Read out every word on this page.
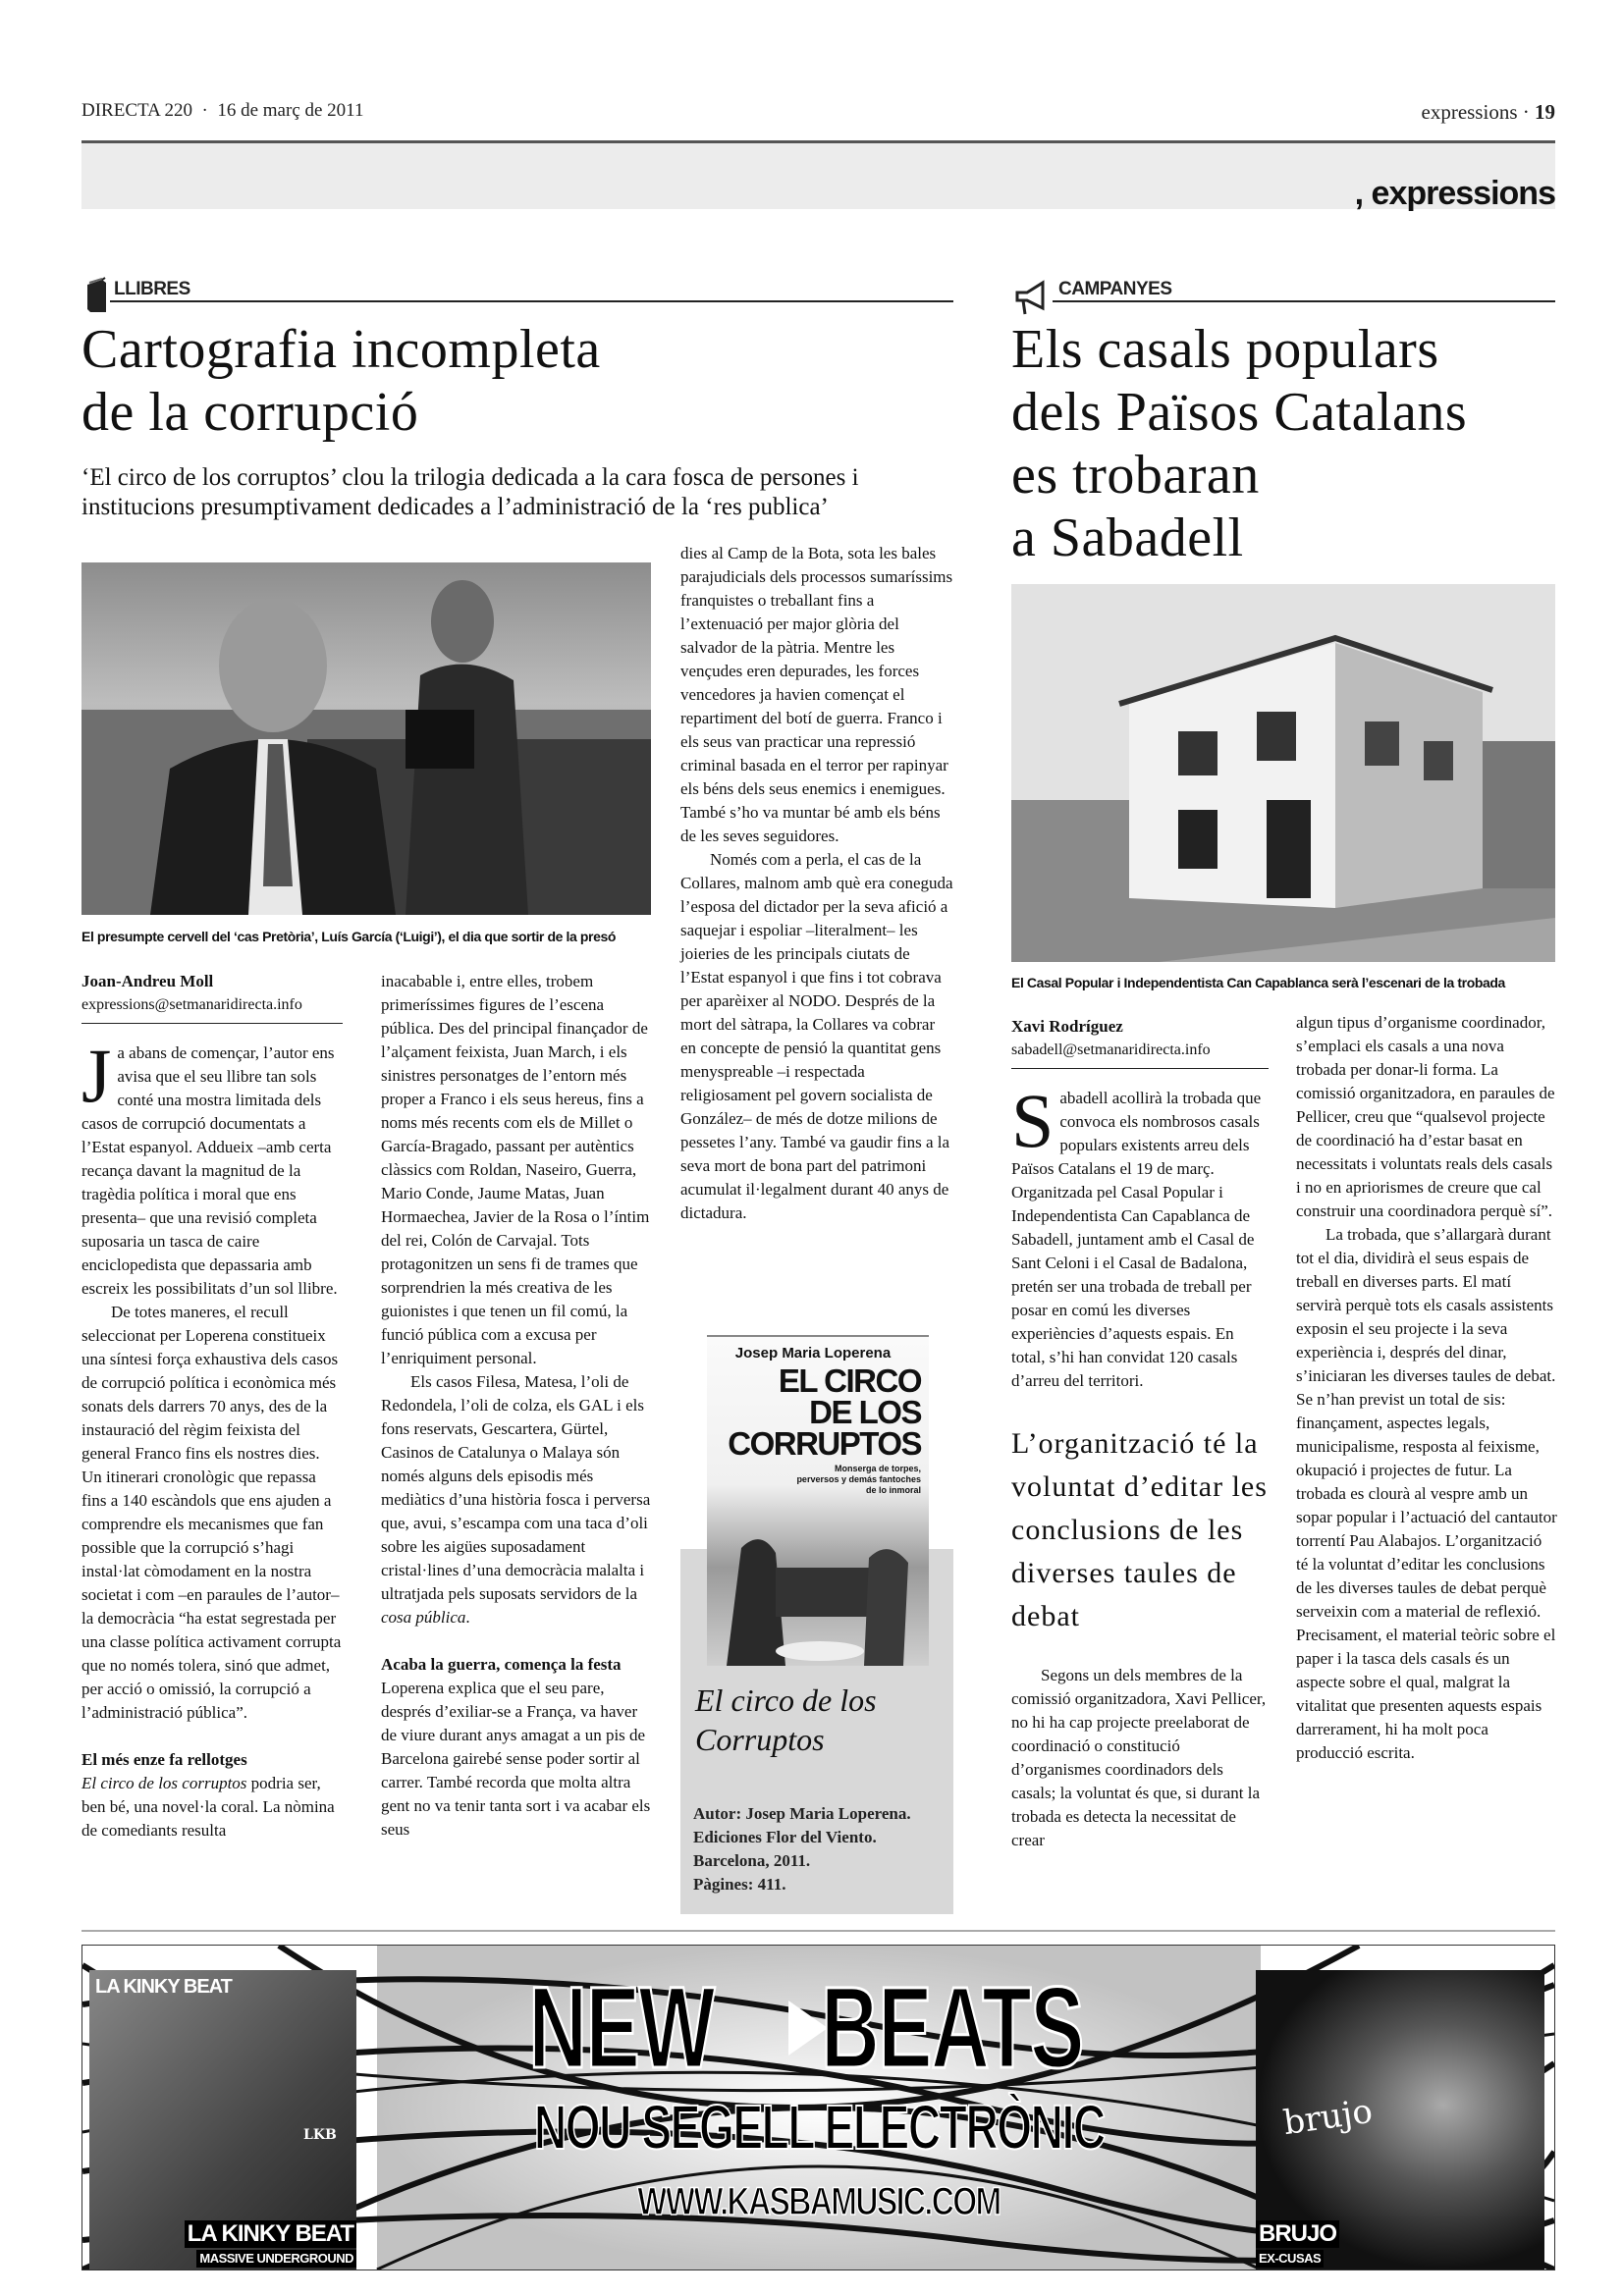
DIRECTA 220 · 16 de març de 2011	expressions · 19
, expressions
LLIBRES
Cartografia incompleta
de la corrupció
‘El circo de los corruptos’ clou la trilogia dedicada a la cara fosca de persones i institucions presumptivament dedicades a l’administració de la ‘res publica’
El presumpte cervell del ‘cas Pretòria’, Luís García (‘Luigi’), el dia que sortir de la presó
Joan-Andreu Moll
expressions@setmanaridirecta.info

Ja abans de començar, l’autor ens avisa que el seu llibre tan sols conté una mostra limitada dels casos de corrupció documentats a l’Estat espanyol. Addueix –amb certa recança davant la magnitud de la tragèdia política i moral que ens presenta– que una revisió completa suposaria un tasca de caire enciclopedista que depassaria amb escreix les possibilitats d’un sol llibre.

De totes maneres, el recull seleccionat per Loperena constitueix una síntesi força exhaustiva dels casos de corrupció política i econòmica més sonats dels darrers 70 anys, des de la instauració del règim feixista del general Franco fins els nostres dies. Un itinerari cronològic que repassa fins a 140 escàndols que ens ajuden a comprendre els mecanismes que fan possible que la corrupció s’hagi instal·lat còmodament en la nostra societat i com –en paraules de l’autor– la democràcia “ha estat segrestada per una classe política activament corrupta que no només tolera, sinó que admet, per acció o omissió, la corrupció a l’administració pública”.

El més enze fa rellotges

El circo de los corruptos podria ser, ben bé, una novel·la coral. La nòmina de comediants resulta

inacabable i, entre elles, trobem primeríssimes figures de l’escena pública. Des del principal finançador de l’alçament feixista, Juan March, i els sinistres personatges de l’entorn més proper a Franco i els seus hereus, fins a noms més recents com els de Millet o García-Bragado, passant per autèntics clàssics com Roldan, Naseiro, Guerra, Mario Conde, Jaume Matas, Juan Hormaechea, Javier de la Rosa o l’íntim del rei, Colón de Carvajal. Tots protagonitzen un sens fi de trames que sorprendrien la més creativa de les guionistes i que tenen un fil comú, la funció pública com a excusa per l’enriquiment personal.

Els casos Filesa, Matesa, l’oli de Redondela, l’oli de colza, els GAL i els fons reservats, Gescartera, Gürtel, Casinos de Catalunya o Malaya són només alguns dels episodis més mediàtics d’una història fosca i perversa que, avui, s’escampa com una taca d’oli sobre les aigües suposadament cristal·lines d’una democràcia malalta i ultratjada pels suposats servidors de la cosa pública.

Acaba la guerra, comença la festa

Loperena explica que el seu pare, després d’exiliar-se a França, va haver de viure durant anys amagat a un pis de Barcelona gairebé sense poder sortir al carrer. També recorda que molta altra gent no va tenir tanta sort i va acabar els seus

dies al Camp de la Bota, sota les bales parajudicials dels processos sumaríssims franquistes o treballant fins a l’extenuació per major glòria del salvador de la pàtria. Mentre les vençudes eren depurades, les forces vencedores ja havien començat el repartiment del botí de guerra. Franco i els seus van practicar una repressió criminal basada en el terror per rapinyar els béns dels seus enemics i enemigues. També s’ho va muntar bé amb els béns de les seves seguidores.

Només com a perla, el cas de la Collares, malnom amb què era coneguda l’esposa del dictador per la seva afició a saquejar i espoliar –literalment– les joieries de les principals ciutats de l’Estat espanyol i que fins i tot cobrava per aparèixer al NODO. Després de la mort del sàtrapa, la Collares va cobrar en concepte de pensió la quantitat gens menyspreable –i respectada religiosament pel govern socialista de González– de més de dotze milions de pessetes l’any. També va gaudir fins a la seva mort de bona part del patrimoni acumulat il·legalment durant 40 anys de dictadura.

Josep Maria Loperena
EL CIRCO
DE LOS
CORRUPTOS
Monserga de torpes,
perversos y demás fantoches
de lo inmoral
El circo de los
Corruptos
Autor: Josep Maria Loperena.
Ediciones Flor del Viento.
Barcelona, 2011.
Pàgines: 411.
CAMPANYES
Els casals populars
dels Països Catalans
es trobaran
a Sabadell
El Casal Popular i Independentista Can Capablanca serà l’escenari de la trobada
Xavi Rodríguez
sabadell@setmanaridirecta.info

Sabadell acollirà la trobada que convoca els nombrosos casals populars existents arreu dels Països Catalans el 19 de març. Organitzada pel Casal Popular i Independentista Can Capablanca de Sabadell, juntament amb el Casal de Sant Celoni i el Casal de Badalona, pretén ser una trobada de treball per posar en comú les diverses experiències d’aquests espais. En total, s’hi han convidat 120 casals d’arreu del territori.

L’organització té la voluntat d’editar les conclusions de les diverses taules de debat

Segons un dels membres de la comissió organitzadora, Xavi Pellicer, no hi ha cap projecte preelaborat de coordinació o constitució d’organismes coordinadors dels casals; la voluntat és que, si durant la trobada es detecta la necessitat de crear

algun tipus d’organisme coordinador, s’emplaci els casals a una nova trobada per donar-li forma. La comissió organitzadora, en paraules de Pellicer, creu que “qualsevol projecte de coordinació ha d’estar basat en necessitats i voluntats reals dels casals i no en apriorismes de creure que cal construir una coordinadora perquè sí”.

La trobada, que s’allargarà durant tot el dia, dividirà el seus espais de treball en diverses parts. El matí servirà perquè tots els casals assistents exposin el seu projecte i la seva experiència i, després del dinar, s’iniciaran les diverses taules de debat. Se n’han previst un total de sis: finançament, aspectes legals, municipalisme, resposta al feixisme, okupació i projectes de futur. La trobada es clourà al vespre amb un sopar popular i l’actuació del cantautor torrentí Pau Alabajos. L’organització té la voluntat d’editar les conclusions de les diverses taules de debat perquè serveixin com a material de reflexió. Precisament, el material teòric sobre el paper i la tasca dels casals és un aspecte sobre el qual, malgrat la vitalitat que presenten aquests espais darrerament, hi ha molt poca producció escrita.

LA KINKY BEAT
LKB
LA KINKY BEAT
MASSIVE UNDERGROUND
NEW BEATS
NOU SEGELL ELECTRÒNIC
WWW.KASBAMUSIC.COM
brujo
BRUJO
EX-CUSAS
